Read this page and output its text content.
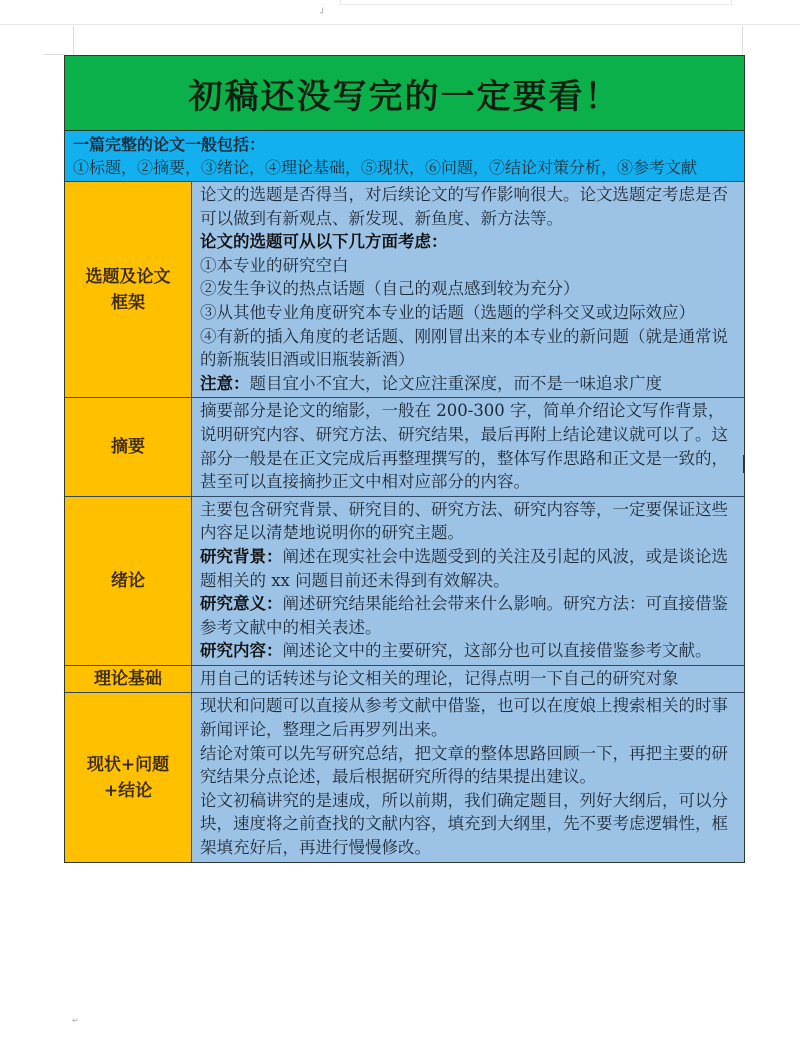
┘
初稿还没写完的一定要看！
一篇完整的论文一般包括：
①标题，②摘要，③绪论，④理论基础，⑤现状，⑥问题，⑦结论对策分析，⑧参考文献
选题及论文框架

论文的选题是否得当，对后续论文的写作影响很大。论文选题定考虑是否可以做到有新观点、新发现、新鱼度、新方法等。

论文的选题可从以下几方面考虑：

①本专业的研究空白

②发生争议的热点话题（自己的观点感到较为充分）

③从其他专业角度研究本专业的话题（选题的学科交叉或边际效应）

④有新的插入角度的老话题、刚刚冒出来的本专业的新问题（就是通常说的新瓶装旧酒或旧瓶装新酒）

注意：题目宜小不宜大，论文应注重深度，而不是一味追求广度

摘要

摘要部分是论文的缩影，一般在 200-300 字，简单介绍论文写作背景，说明研究内容、研究方法、研究结果，最后再附上结论建议就可以了。这部分一般是在正文完成后再整理撰写的，整体写作思路和正文是一致的，甚至可以直接摘抄正文中相对应部分的内容。

绪论

主要包含研究背景、研究目的、研究方法、研究内容等，一定要保证这些内容足以清楚地说明你的研究主题。

研究背景：阐述在现实社会中选题受到的关注及引起的风波，或是谈论选题相关的 xx 问题目前还未得到有效解决。

研究意义：阐述研究结果能给社会带来什么影响。研究方法：可直接借鉴参考文献中的相关表述。

研究内容：阐述论文中的主要研究，这部分也可以直接借鉴参考文献。

理论基础	用自己的话转述与论文相关的理论，记得点明一下自己的研究对象

现状+问题+结论

现状和问题可以直接从参考文献中借鉴，也可以在度娘上搜索相关的时事新闻评论，整理之后再罗列出来。

结论对策可以先写研究总结，把文章的整体思路回顾一下，再把主要的研究结果分点论述，最后根据研究所得的结果提出建议。

论文初稿讲究的是速成，所以前期，我们确定题目，列好大纲后，可以分块，速度将之前查找的文献内容，填充到大纲里，先不要考虑逻辑性，框架填充好后，再进行慢慢修改。

↵
